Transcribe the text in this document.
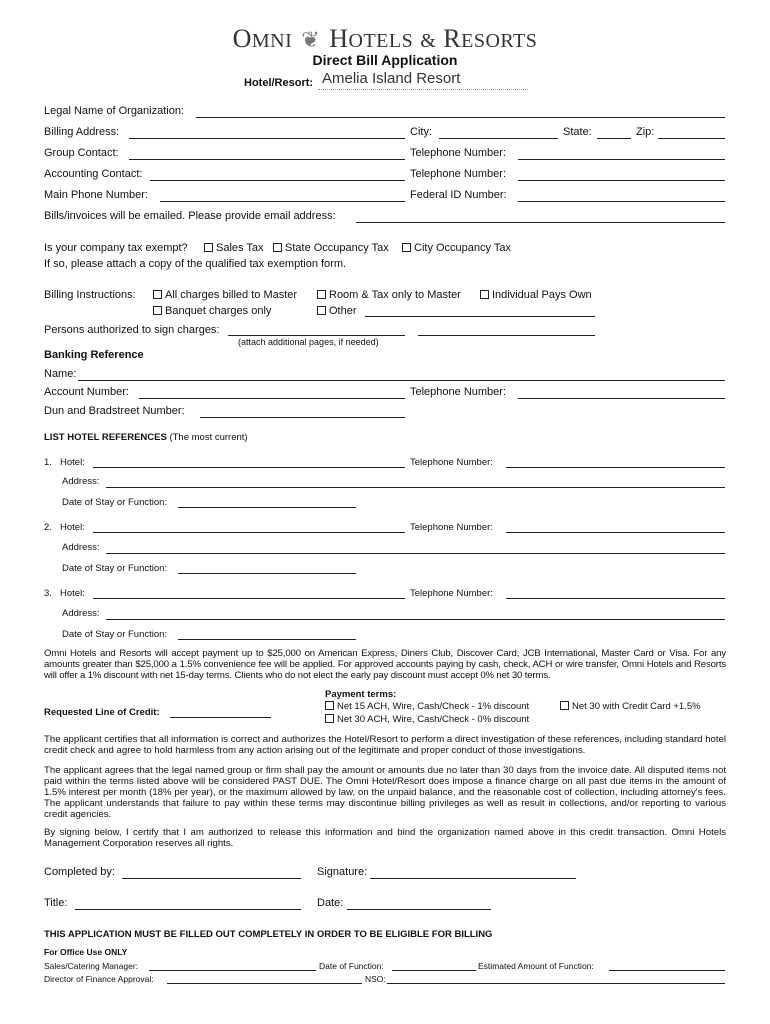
OMNI ❦ HOTELS & RESORTS
Direct Bill Application
Hotel/Resort: Amelia Island Resort
Legal Name of Organization:
Billing Address:	City:	State:	Zip:
Group Contact:	Telephone Number:
Accounting Contact:	Telephone Number:
Main Phone Number:	Federal ID Number:
Bills/invoices will be emailed. Please provide email address:
Is your company tax exempt?	Sales Tax	State Occupancy Tax	City Occupancy Tax
If so, please attach a copy of the qualified tax exemption form.
Billing Instructions:	All charges billed to Master	Room & Tax only to Master	Individual Pays Own
Banquet charges only	Other
Persons authorized to sign charges:
(attach additional pages, if needed)
Banking Reference
Name:
Account Number:	Telephone Number:
Dun and Bradstreet Number:
LIST HOTEL REFERENCES (The most current)
1. Hotel:	Telephone Number:
Address:
Date of Stay or Function:
2. Hotel:	Telephone Number:
Address:
Date of Stay or Function:
3. Hotel:	Telephone Number:
Address:
Date of Stay or Function:
Omni Hotels and Resorts will accept payment up to $25,000 on American Express, Diners Club, Discover Card, JCB International, Master Card or Visa. For any amounts greater than $25,000 a 1.5% convenience fee will be applied. For approved accounts paying by cash, check, ACH or wire transfer, Omni Hotels and Resorts will offer a 1% discount with net 15-day terms. Clients who do not elect the early pay discount must accept 0% net 30 terms.
Payment terms:
Requested Line of Credit:
Net 15 ACH, Wire, Cash/Check - 1% discount	Net 30 with Credit Card +1.5%
Net 30 ACH, Wire, Cash/Check - 0% discount
The applicant certifies that all information is correct and authorizes the Hotel/Resort to perform a direct investigation of these references, including standard hotel credit check and agree to hold harmless from any action arising out of the legitimate and proper conduct of those investigations.
The applicant agrees that the legal named group or firm shall pay the amount or amounts due no later than 30 days from the invoice date. All disputed items not paid within the terms listed above will be considered PAST DUE. The Omni Hotel/Resort does impose a finance charge on all past due items in the amount of 1.5% interest per month (18% per year), or the maximum allowed by law, on the unpaid balance, and the reasonable cost of collection, including attorney's fees. The applicant understands that failure to pay within these terms may discontinue billing privileges as well as result in collections, and/or reporting to various credit agencies.
By signing below, I certify that I am authorized to release this information and bind the organization named above in this credit transaction. Omni Hotels Management Corporation reserves all rights.
Completed by:	Signature:
Title:	Date:
THIS APPLICATION MUST BE FILLED OUT COMPLETELY IN ORDER TO BE ELIGIBLE FOR BILLING
For Office Use ONLY
Sales/Catering Manager:	Date of Function:	Estimated Amount of Function:
Director of Finance Approval:	NSO:
